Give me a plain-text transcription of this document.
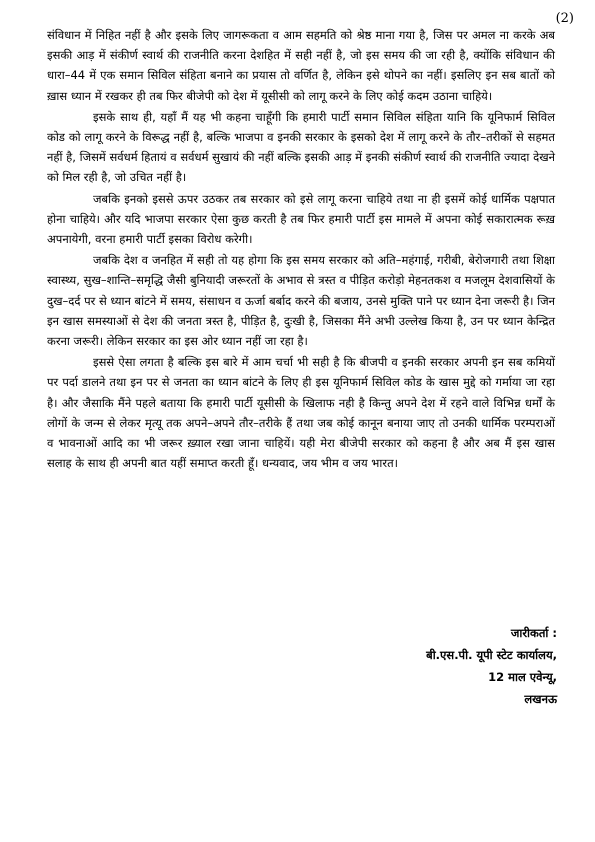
(2)

संविधान में निहित नहीं है और इसके लिए जागरूकता व आम सहमति को श्रेष्ठ माना गया है, जिस पर अमल ना करके अब इसकी आड़ में संकीर्ण स्वार्थ की राजनीति करना देशहित में सही नहीं है, जो इस समय की जा रही है, क्योंकि संविधान की धारा–44 में एक समान सिविल संहिता बनाने का प्रयास तो वर्णित है, लेकिन इसे थोपने का नहीं। इसलिए इन सब बातों को ख़ास ध्यान में रखकर ही तब फिर बीजेपी को देश में यूसीसी को लागू करने के लिए कोई कदम उठाना चाहिये।

इसके साथ ही, यहाँ मैं यह भी कहना चाहूँगी कि हमारी पार्टी समान सिविल संहिता यानि कि यूनिफार्म सिविल कोड को लागू करने के विरूद्ध नहीं है, बल्कि भाजपा व इनकी सरकार के इसको देश में लागू करने के तौर–तरीकों से सहमत नहीं है, जिसमें सर्वधर्म हितायं व सर्वधर्म सुखायं की नहीं बल्कि इसकी आड़ में इनकी संकीर्ण स्वार्थ की राजनीति ज्यादा देखने को मिल रही है, जो उचित नहीं है।

जबकि इनको इससे ऊपर उठकर तब सरकार को इसे लागू करना चाहिये तथा ना ही इसमें कोई धार्मिक पक्षपात होना चाहिये। और यदि भाजपा सरकार ऐसा कुछ करती है तब फिर हमारी पार्टी इस मामले में अपना कोई सकारात्मक रूख़ अपनायेगी, वरना हमारी पार्टी इसका विरोध करेगी।

जबकि देश व जनहित में सही तो यह होगा कि इस समय सरकार को अति–महंगाई, गरीबी, बेरोजगारी तथा शिक्षा स्वास्थ्य, सुख–शान्ति–समृद्धि जैसी बुनियादी जरूरतों के अभाव से त्रस्त व पीड़ित करोड़ो मेहनतकश व मजलूम देशवासियों के दुख–दर्द पर से ध्यान बांटने में समय, संसाधन व ऊर्जा बर्बाद करने की बजाय, उनसे मुक्ति पाने पर ध्यान देना जरूरी है। जिन इन खास समस्याओं से देश की जनता त्रस्त है, पीड़ित है, दुःखी है, जिसका मैंने अभी उल्लेख किया है, उन पर ध्यान केन्द्रित करना जरूरी। लेकिन सरकार का इस ओर ध्यान नहीं जा रहा है।

इससे ऐसा लगता है बल्कि इस बारे में आम चर्चा भी सही है कि बीजपी व इनकी सरकार अपनी इन सब कमियों पर पर्दा डालने तथा इन पर से जनता का ध्यान बांटने के लिए ही इस यूनिफार्म सिविल कोड के खास मुद्दे को गर्माया जा रहा है। और जैसाकि मैंने पहले बताया कि हमारी पार्टी यूसीसी के खिलाफ नही है किन्तु अपने देश में रहने वाले विभिन्न धर्मों के लोगों के जन्म से लेकर मृत्यू तक अपने–अपने तौर–तरीके हैं तथा जब कोई कानून बनाया जाए तो उनकी धार्मिक परम्पराओं व भावनाओं आदि का भी जरूर ख़्याल रखा जाना चाहियें। यही मेरा बीजेपी सरकार को कहना है और अब मैं इस खास सलाह के साथ ही अपनी बात यहीं समाप्त करती हूँ। धन्यवाद, जय भीम व जय भारत।

जारीकर्ता :
बी.एस.पी. यूपी स्टेट कार्यालय,
12 माल एवेन्यू,
लखनऊ
